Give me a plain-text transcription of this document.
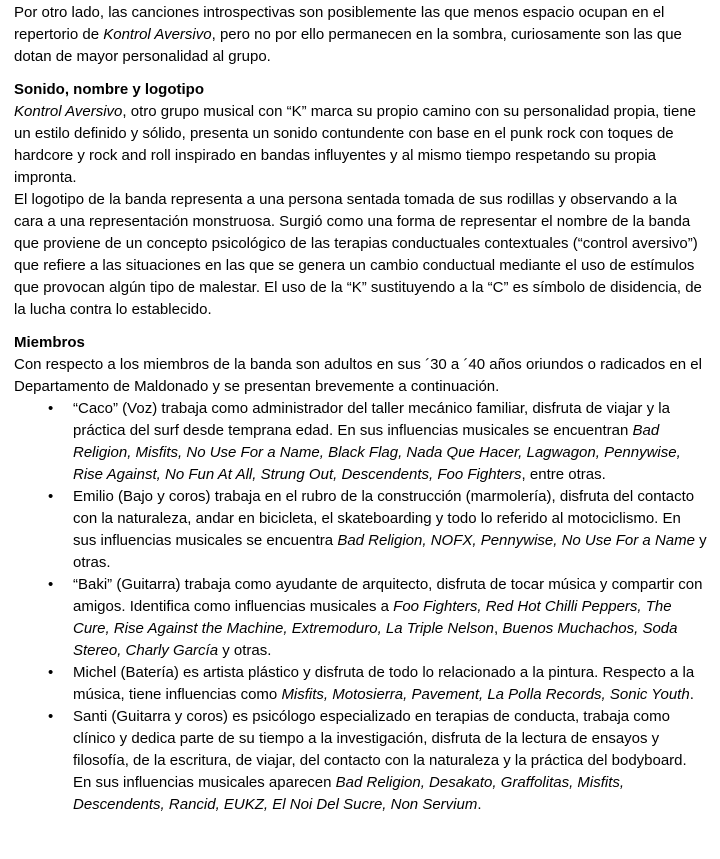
Por otro lado, las canciones introspectivas son posiblemente las que menos espacio ocupan en el repertorio de Kontrol Aversivo, pero no por ello permanecen en la sombra, curiosamente son las que dotan de mayor personalidad al grupo.

Sonido, nombre y logotipo

Kontrol Aversivo, otro grupo musical con “K” marca su propio camino con su personalidad propia, tiene un estilo definido y sólido, presenta un sonido contundente con base en el punk rock con toques de hardcore y rock and roll inspirado en bandas influyentes y al mismo tiempo respetando su propia impronta.

El logotipo de la banda representa a una persona sentada tomada de sus rodillas y observando a la cara a una representación monstruosa. Surgió como una forma de representar el nombre de la banda que proviene de un concepto psicológico de las terapias conductuales contextuales (“control aversivo”) que refiere a las situaciones en las que se genera un cambio conductual mediante el uso de estímulos que provocan algún tipo de malestar. El uso de la “K” sustituyendo a la “C” es símbolo de disidencia, de la lucha contra lo establecido.

Miembros

Con respecto a los miembros de la banda son adultos en sus ´30 a ´40 años oriundos o radicados en el Departamento de Maldonado y se presentan brevemente a continuación.

• “Caco” (Voz) trabaja como administrador del taller mecánico familiar, disfruta de viajar y la práctica del surf desde temprana edad. En sus influencias musicales se encuentran Bad Religion, Misfits, No Use For a Name, Black Flag, Nada Que Hacer, Lagwagon, Pennywise, Rise Against, No Fun At All, Strung Out, Descendents, Foo Fighters, entre otras.
• Emilio (Bajo y coros) trabaja en el rubro de la construcción (marmolería), disfruta del contacto con la naturaleza, andar en bicicleta, el skateboarding y todo lo referido al motociclismo. En sus influencias musicales se encuentra Bad Religion, NOFX, Pennywise, No Use For a Name y otras.
• “Baki” (Guitarra) trabaja como ayudante de arquitecto, disfruta de tocar música y compartir con amigos. Identifica como influencias musicales a Foo Fighters, Red Hot Chilli Peppers, The Cure, Rise Against the Machine, Extremoduro, La Triple Nelson, Buenos Muchachos, Soda Stereo, Charly García y otras.
• Michel (Batería) es artista plástico y disfruta de todo lo relacionado a la pintura. Respecto a la música, tiene influencias como Misfits, Motosierra, Pavement, La Polla Records, Sonic Youth.
• Santi (Guitarra y coros) es psicólogo especializado en terapias de conducta, trabaja como clínico y dedica parte de su tiempo a la investigación, disfruta de la lectura de ensayos y filosofía, de la escritura, de viajar, del contacto con la naturaleza y la práctica del bodyboard. En sus influencias musicales aparecen Bad Religion, Desakato, Graffolitas, Misfits, Descendents, Rancid, EUKZ, El Noi Del Sucre, Non Servium.
